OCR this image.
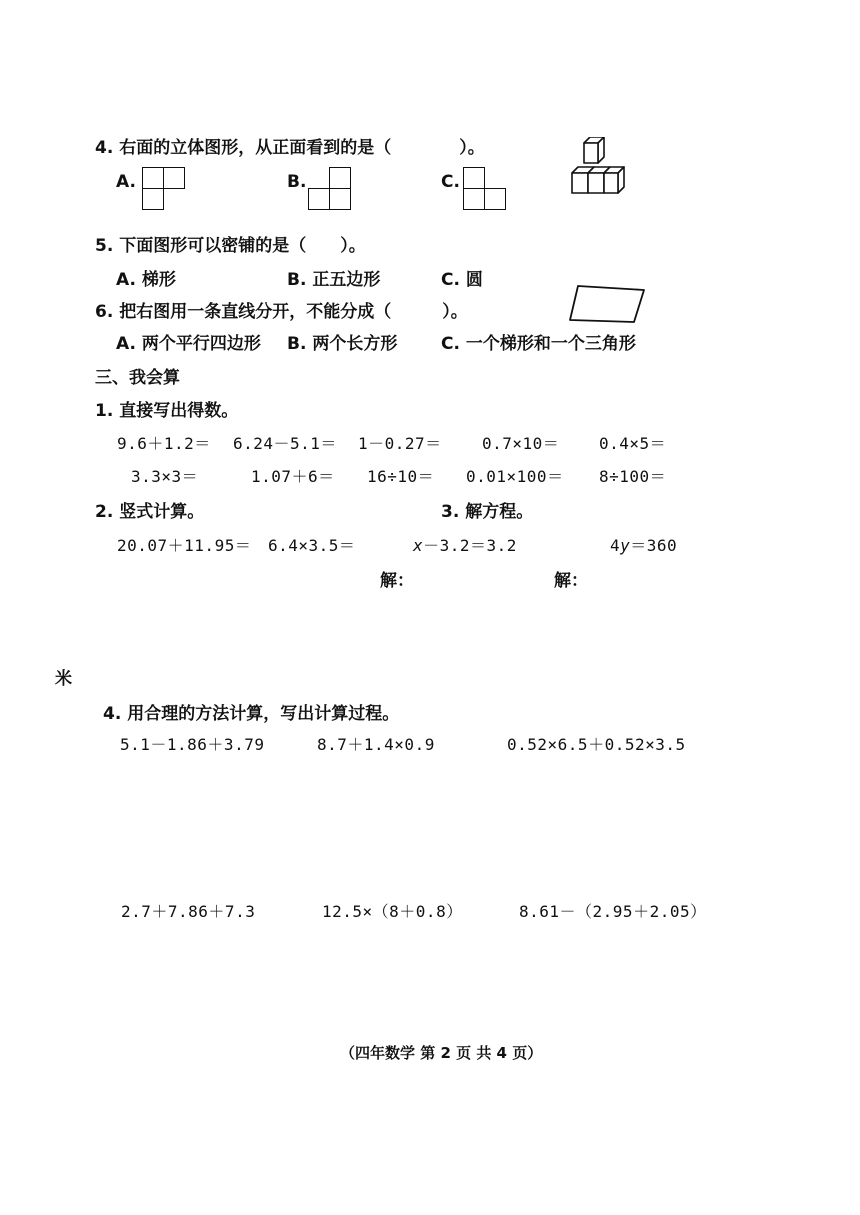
4. 右面的立体图形，从正面看到的是（　　　　）。
A.	B.	C.
5. 下面图形可以密铺的是（　　）。
A. 梯形	B. 正五边形	C. 圆
6. 把右图用一条直线分开，不能分成（　　　）。
A. 两个平行四边形 B. 两个长方形	C. 一个梯形和一个三角形
三、我会算
1. 直接写出得数。
9.6＋1.2＝ 6.24－5.1＝ 1－0.27＝	0.7×10＝ 0.4×5＝
3.3×3＝	1.07＋6＝ 16÷10＝ 0.01×100＝ 8÷100＝
2. 竖式计算。	3. 解方程。
20.07＋11.95＝ 6.4×3.5＝	x－3.2＝3.2	4y＝360
解：	解：
米
4. 用合理的方法计算，写出计算过程。
5.1－1.86＋3.79	8.7＋1.4×0.9	0.52×6.5＋0.52×3.5
2.7＋7.86＋7.3	12.5×（8＋0.8）	8.61－（2.95＋2.05）
（四年数学 第 2 页 共 4 页）
